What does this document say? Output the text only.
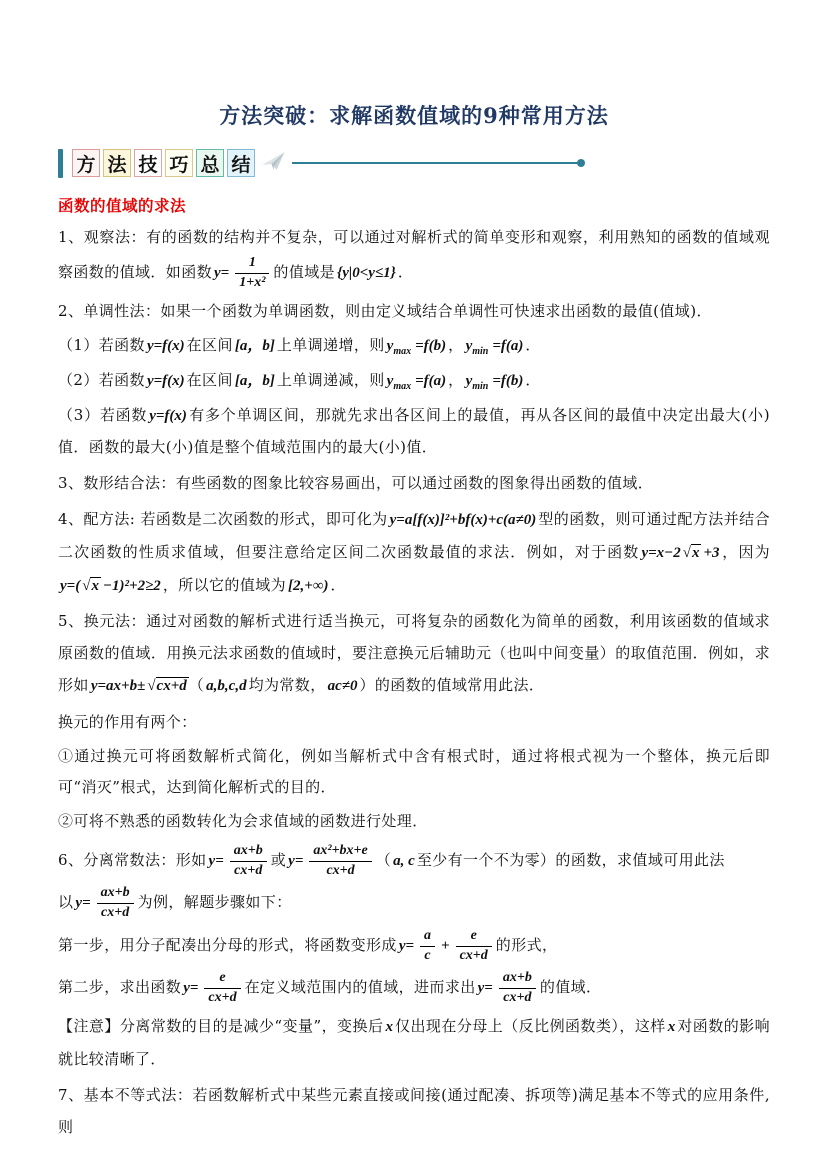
方法突破：求解函数值域的9种常用方法
方 法 技 巧 总 结
函数的值域的求法

1、观察法：有的函数的结构并不复杂，可以通过对解析式的简单变形和观察，利用熟知的函数的值域观察函数的值域．如函数 $y= \frac{1}{\text{1+x²}}$ 的值域是 {y|0<y≤1} ．

2、单调性法：如果一个函数为单调函数，则由定义域结合单调性可快速求出函数的最值(值域)．

（1）若函数 y=f(x) 在区间 [a，b] 上单调递增，则 $y_{max} =f(b)$ ， $y_{min} =f(a)$ ．

（2）若函数 y=f(x) 在区间 [a，b] 上单调递减，则 $y_{max} =f(a)$ ， $y_{min} =f(b)$ ．

（3）若函数 y=f(x) 有多个单调区间，那就先求出各区间上的最值，再从各区间的最值中决定出最大(小)值．函数的最大(小)值是整个值域范围内的最大(小)值．

3、数形结合法：有些函数的图象比较容易画出，可以通过函数的图象得出函数的值域．

4、配方法: 若函数是二次函数的形式，即可化为 y=a[f(x)]²+bf(x)+c(a≠0) 型的函数，则可通过配方法并结合二次函数的性质求值域，但要注意给定区间二次函数最值的求法．例如，对于函数 y=x−2 √x +3 ，因为y=( √x −1)²+2≥2 ，所以它的值域为 [2,+∞) ．

5、换元法：通过对函数的解析式进行适当换元，可将复杂的函数化为简单的函数，利用该函数的值域求原函数的值域．用换元法求函数的值域时，要注意换元后辅助元（也叫中间变量）的取值范围．例如，求形如 y=ax+b± √cx+d （ a,b,c,d 均为常数， ac≠0 ）的函数的值域常用此法．

换元的作用有两个：

①通过换元可将函数解析式简化，例如当解析式中含有根式时，通过将根式视为一个整体，换元后即可“消灭”根式，达到简化解析式的目的．

②可将不熟悉的函数转化为会求值域的函数进行处理．

6、分离常数法：形如 $y= \frac{ax+b}{cx+d}$ 或 $y= \frac{\text{ax²+bx+e}}{cx+d}$ （ a, c 至少有一个不为零）的函数，求值域可用此法

以 $y= \frac{ax+b}{cx+d}$ 为例，解题步骤如下：

第一步，用分子配凑出分母的形式，将函数变形成 $y= \frac{a}{c} + \frac{e}{cx+d}$ 的形式，

第二步，求出函数 $y= \frac{e}{cx+d}$ 在定义域范围内的值域，进而求出 $y= \frac{ax+b}{cx+d}$ 的值域．

【注意】分离常数的目的是减少“变量”，变换后 x 仅出现在分母上（反比例函数类），这样 x 对函数的影响就比较清晰了．

7、基本不等式法：若函数解析式中某些元素直接或间接(通过配凑、拆项等)满足基本不等式的应用条件,则
